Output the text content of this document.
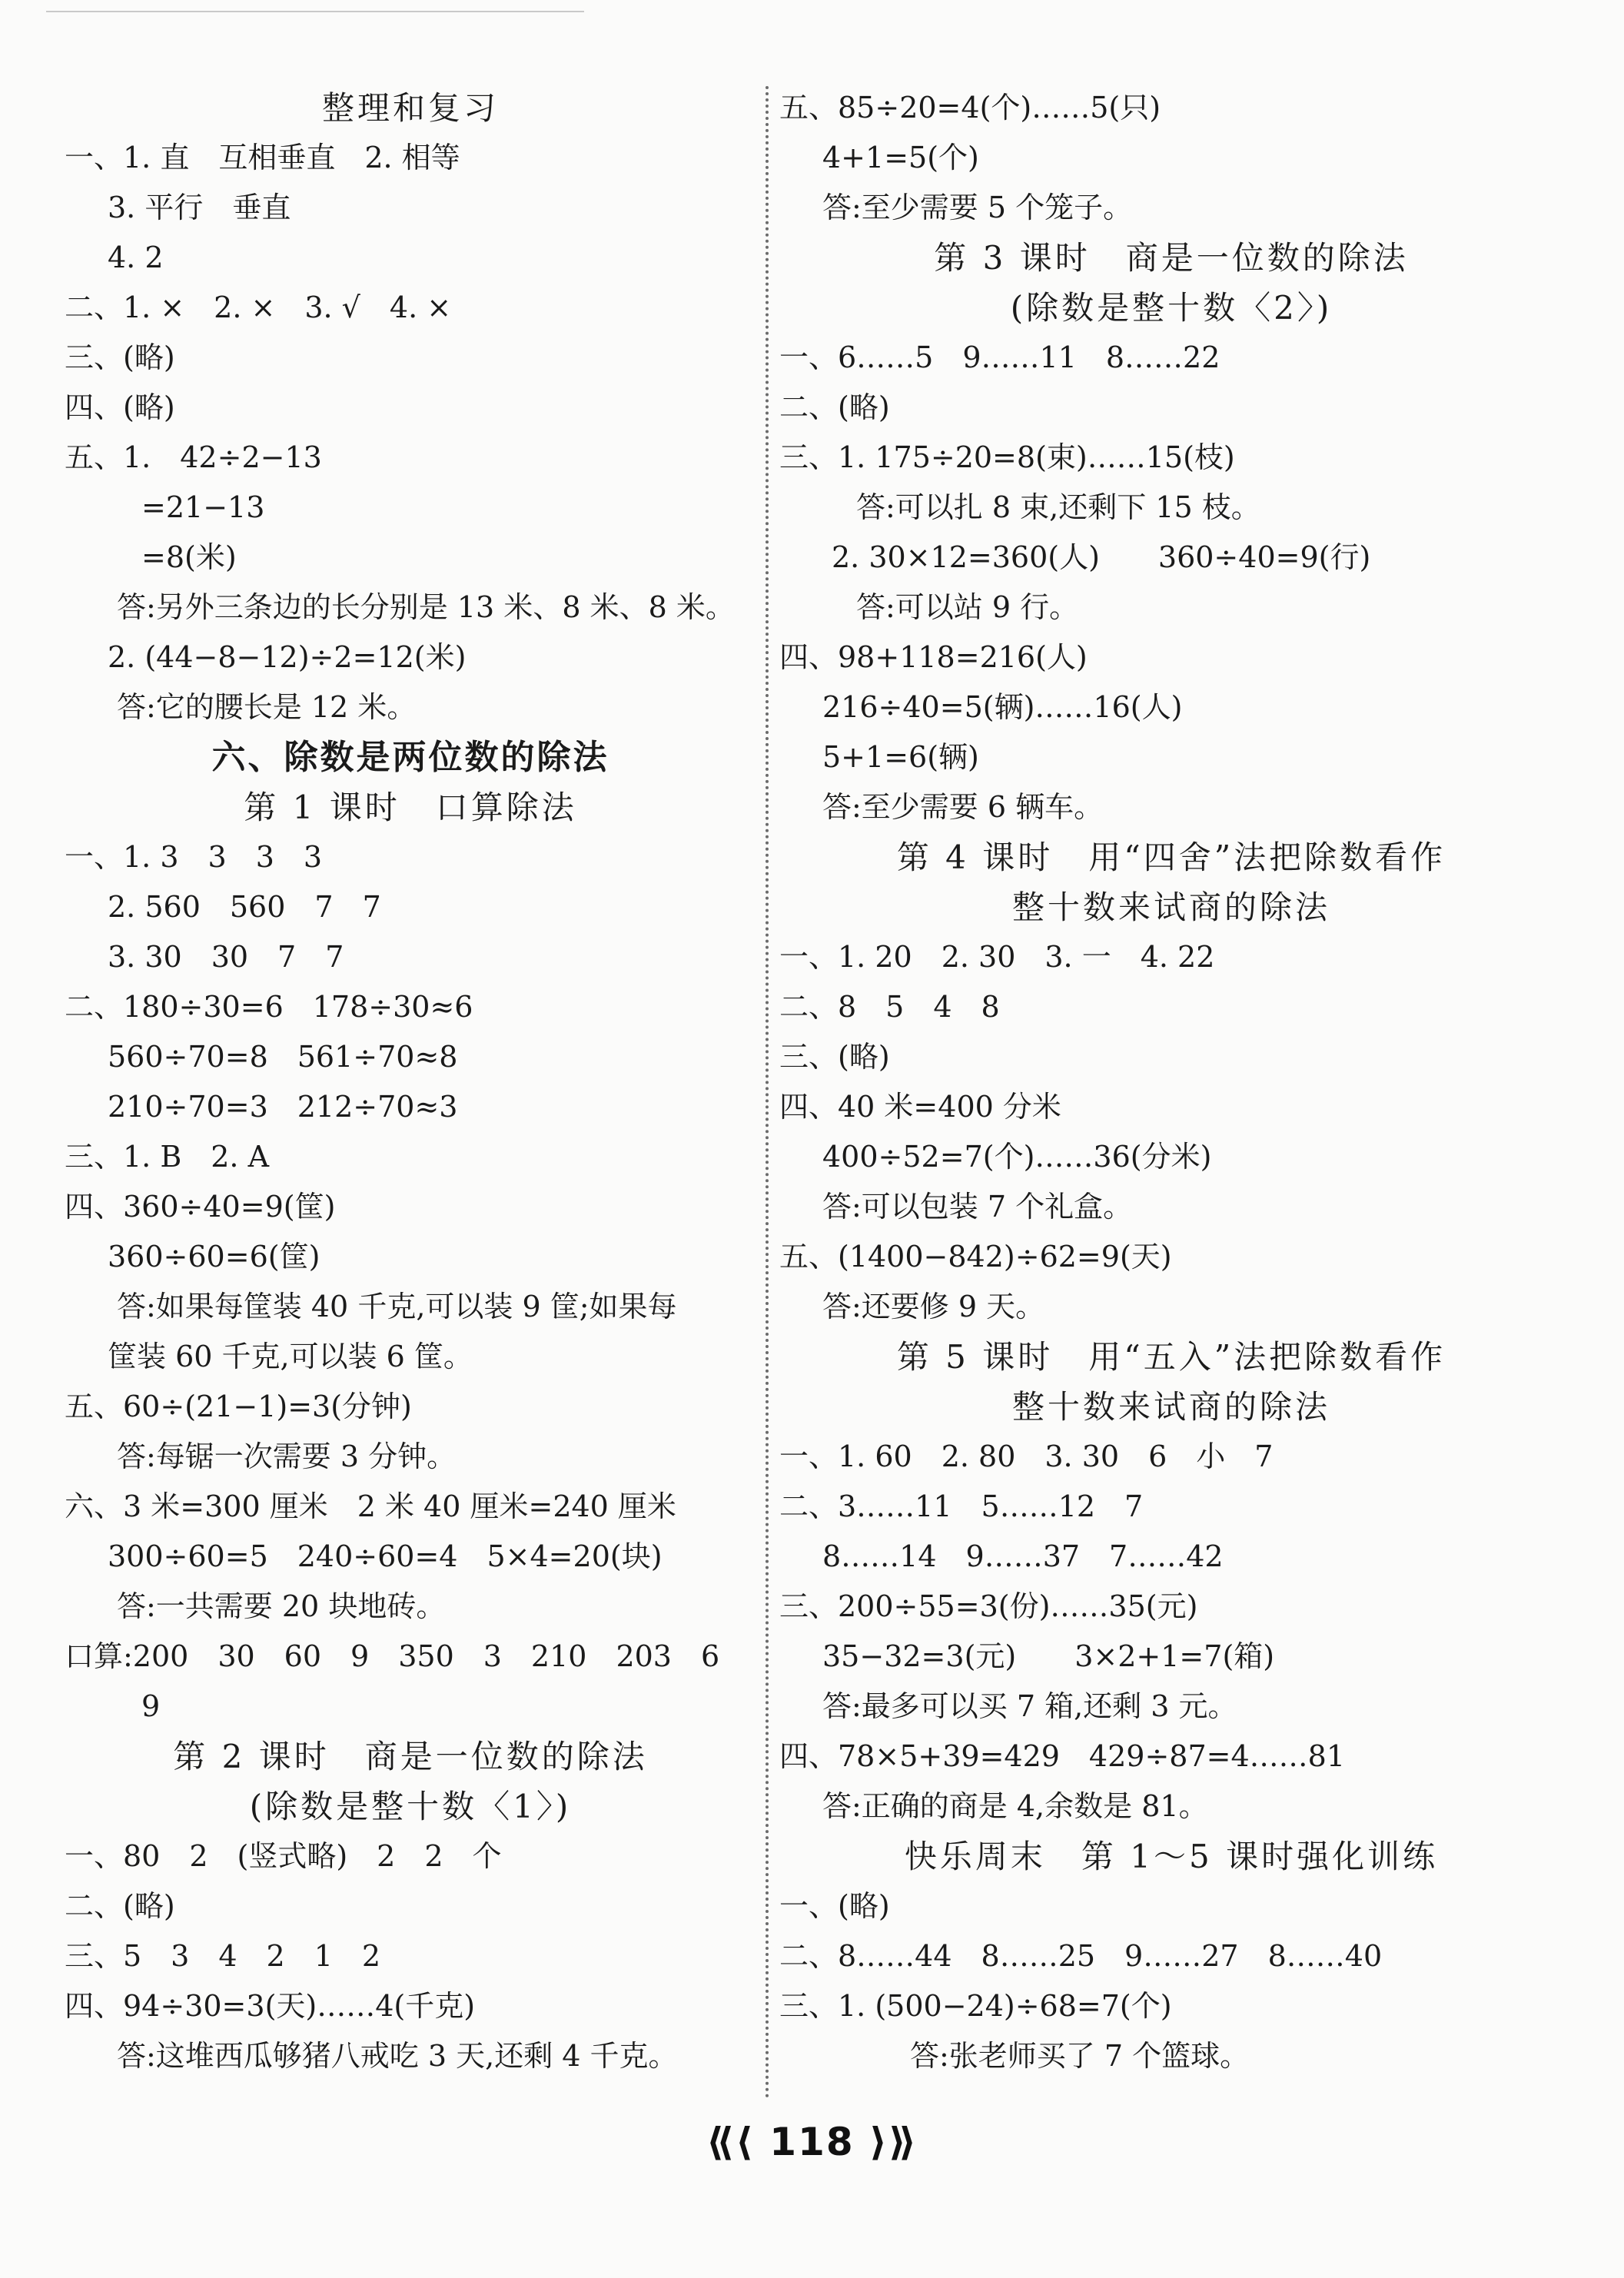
整理和复习
一、1. 直　互相垂直　2. 相等
3. 平行　垂直
4. 2
二、1. ×　2. ×　3. √　4. ×
三、(略)
四、(略)
五、1.　42÷2−13
=21−13
=8(米)
答:另外三条边的长分别是 13 米、8 米、8 米。
2. (44−8−12)÷2=12(米)
答:它的腰长是 12 米。
六、除数是两位数的除法
第 1 课时　口算除法
一、1. 3　3　3　3
2. 560　560　7　7
3. 30　30　7　7
二、180÷30=6　178÷30≈6
560÷70=8　561÷70≈8
210÷70=3　212÷70≈3
三、1. B　2. A
四、360÷40=9(筐)
360÷60=6(筐)
答:如果每筐装 40 千克,可以装 9 筐;如果每
筐装 60 千克,可以装 6 筐。
五、60÷(21−1)=3(分钟)
答:每锯一次需要 3 分钟。
六、3 米=300 厘米　2 米 40 厘米=240 厘米
300÷60=5　240÷60=4　5×4=20(块)
答:一共需要 20 块地砖。
口算:200　30　60　9　350　3　210　203　6
9
第 2 课时　商是一位数的除法
(除数是整十数〈1〉)
一、80　2　(竖式略)　2　2　个
二、(略)
三、5　3　4　2　1　2
四、94÷30=3(天)……4(千克)
答:这堆西瓜够猪八戒吃 3 天,还剩 4 千克。
五、85÷20=4(个)……5(只)
4+1=5(个)
答:至少需要 5 个笼子。
第 3 课时　商是一位数的除法
(除数是整十数〈2〉)
一、6……5　9……11　8……22
二、(略)
三、1. 175÷20=8(束)……15(枝)
答:可以扎 8 束,还剩下 15 枝。
2. 30×12=360(人)　　360÷40=9(行)
答:可以站 9 行。
四、98+118=216(人)
216÷40=5(辆)……16(人)
5+1=6(辆)
答:至少需要 6 辆车。
第 4 课时　用“四舍”法把除数看作
整十数来试商的除法
一、1. 20　2. 30　3. 一　4. 22
二、8　5　4　8
三、(略)
四、40 米=400 分米
400÷52=7(个)……36(分米)
答:可以包装 7 个礼盒。
五、(1400−842)÷62=9(天)
答:还要修 9 天。
第 5 课时　用“五入”法把除数看作
整十数来试商的除法
一、1. 60　2. 80　3. 30　6　小　7
二、3……11　5……12　7
8……14　9……37　7……42
三、200÷55=3(份)……35(元)
35−32=3(元)　　3×2+1=7(箱)
答:最多可以买 7 箱,还剩 3 元。
四、78×5+39=429　429÷87=4……81
答:正确的商是 4,余数是 81。
快乐周末　第 1～5 课时强化训练
一、(略)
二、8……44　8……25　9……27　8……40
三、1. (500−24)÷68=7(个)
答:张老师买了 7 个篮球。
⟪⟨ 118 ⟩⟫
